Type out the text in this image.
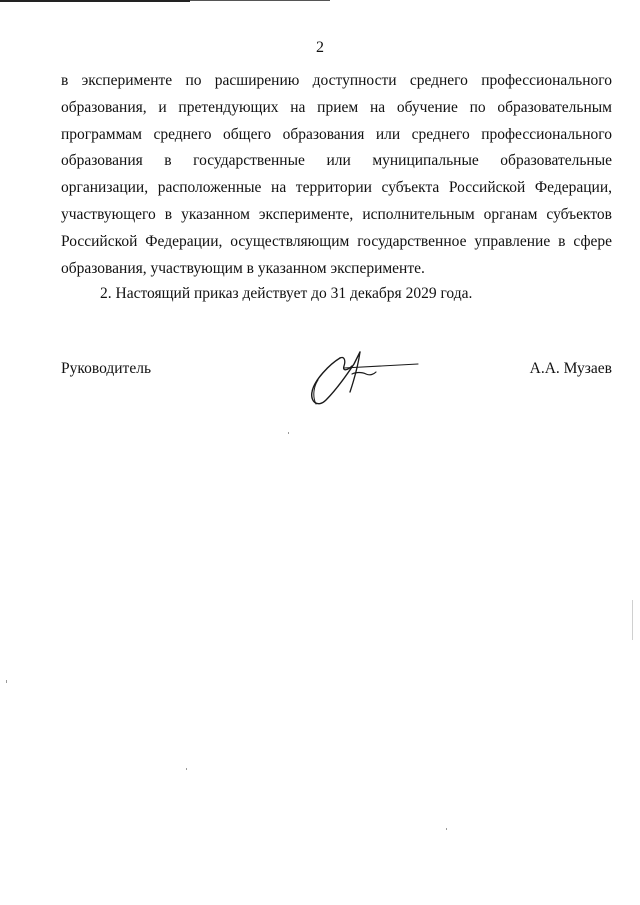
2

в эксперименте по расширению доступности среднего профессионального образования, и претендующих на прием на обучение по образовательным программам среднего общего образования или среднего профессионального образования в государственные или муниципальные образовательные организации, расположенные на территории субъекта Российской Федерации, участвующего в указанном эксперименте, исполнительным органам субъектов Российской Федерации, осуществляющим государственное управление в сфере образования, участвующим в указанном эксперименте.

2. Настоящий приказ действует до 31 декабря 2029 года.

Руководитель	А.А. Музаев
